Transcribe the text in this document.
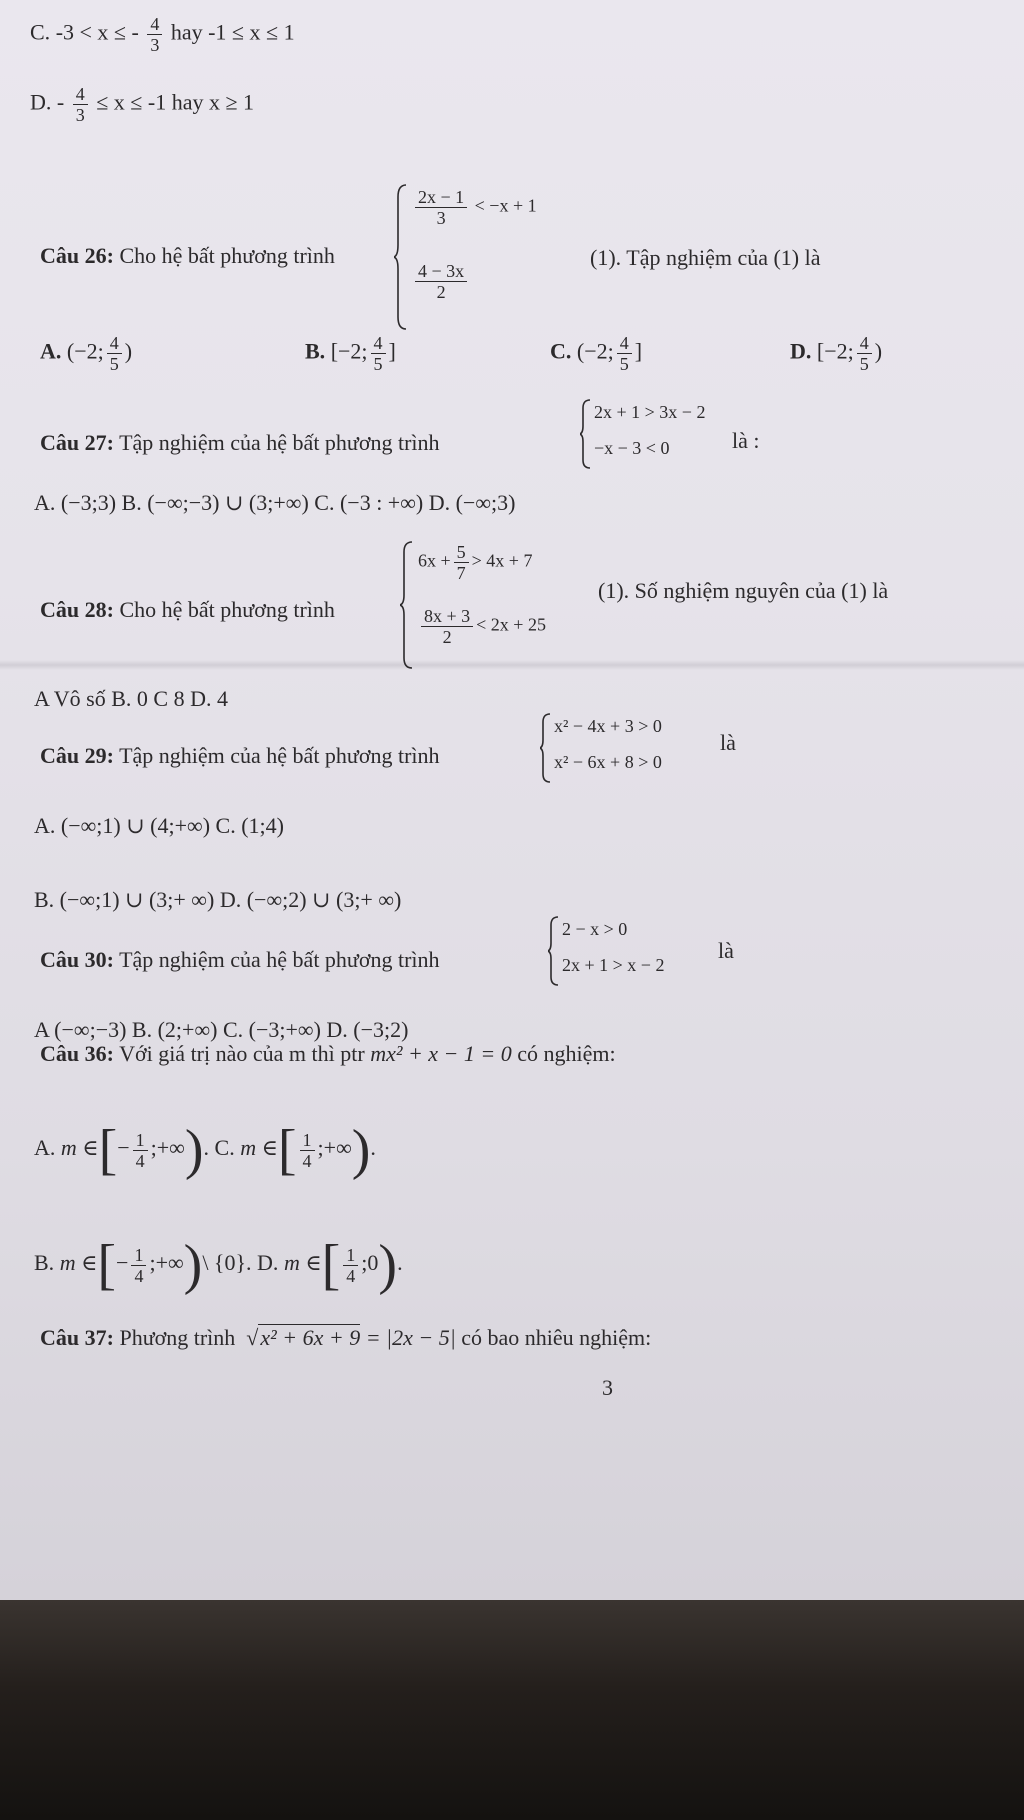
C. -3 < x ≤ - $\frac{4}{3}$ hay -1 ≤ x ≤ 1
D. - $\frac{4}{3} \le x \le -1$ hay x ≥ 1
Câu 26: Cho hệ bất phương trình
$\frac{2x - 1}{3} < -x + 1$
$\frac{4 - 3x}{2}$
(1). Tập nghiệm của (1) là
A. (−2; $\frac{4}{5}$ )	B. [−2; $\frac{4}{5}$ ]	C. (−2; $\frac{4}{5}$ ]	D. [−2; $\frac{4}{5}$ )
Câu 27: Tập nghiệm của hệ bất phương trình
2x + 1 > 3x − 2
−x − 3 < 0	là :
A. (−3;3) B. (−∞;−3) ∪ (3;+∞) C. (−3 : +∞) D. (−∞;3)
Câu 28: Cho hệ bất phương trình
$6x + \frac{5}{7} > 4x + 7$
$\frac{8x + 3}{2} < 2x + 25$
(1). Số nghiệm nguyên của (1) là
A Vô số B. 0 C 8 D. 4
Câu 29: Tập nghiệm của hệ bất phương trình
x² − 4x + 3 > 0
x² − 6x + 8 > 0
là
A. (−∞;1) ∪ (4;+∞) C. (1;4)
B. (−∞;1) ∪ (3;+ ∞) D. (−∞;2) ∪ (3;+ ∞)
Câu 30: Tập nghiệm của hệ bất phương trình
2 − x > 0
2x + 1 > x − 2
là
A (−∞;−3) B. (2;+∞) C. (−3;+∞) D. (−3;2)
Câu 36: Với giá trị nào của m thì ptr mx² + x − 1 = 0 có nghiệm:
A. m ∈[− $\frac{1}{4}$ ;+∞). C. m ∈[ $\frac{1}{4}$ ;+∞).
B. m ∈[− $\frac{1}{4}$ ;+∞)\ {0}. D. m ∈[ $\frac{1}{4}$ ;0).
Câu 37: Phương trình √x² + 6x + 9 = |2x − 5| có bao nhiêu nghiệm:
3
